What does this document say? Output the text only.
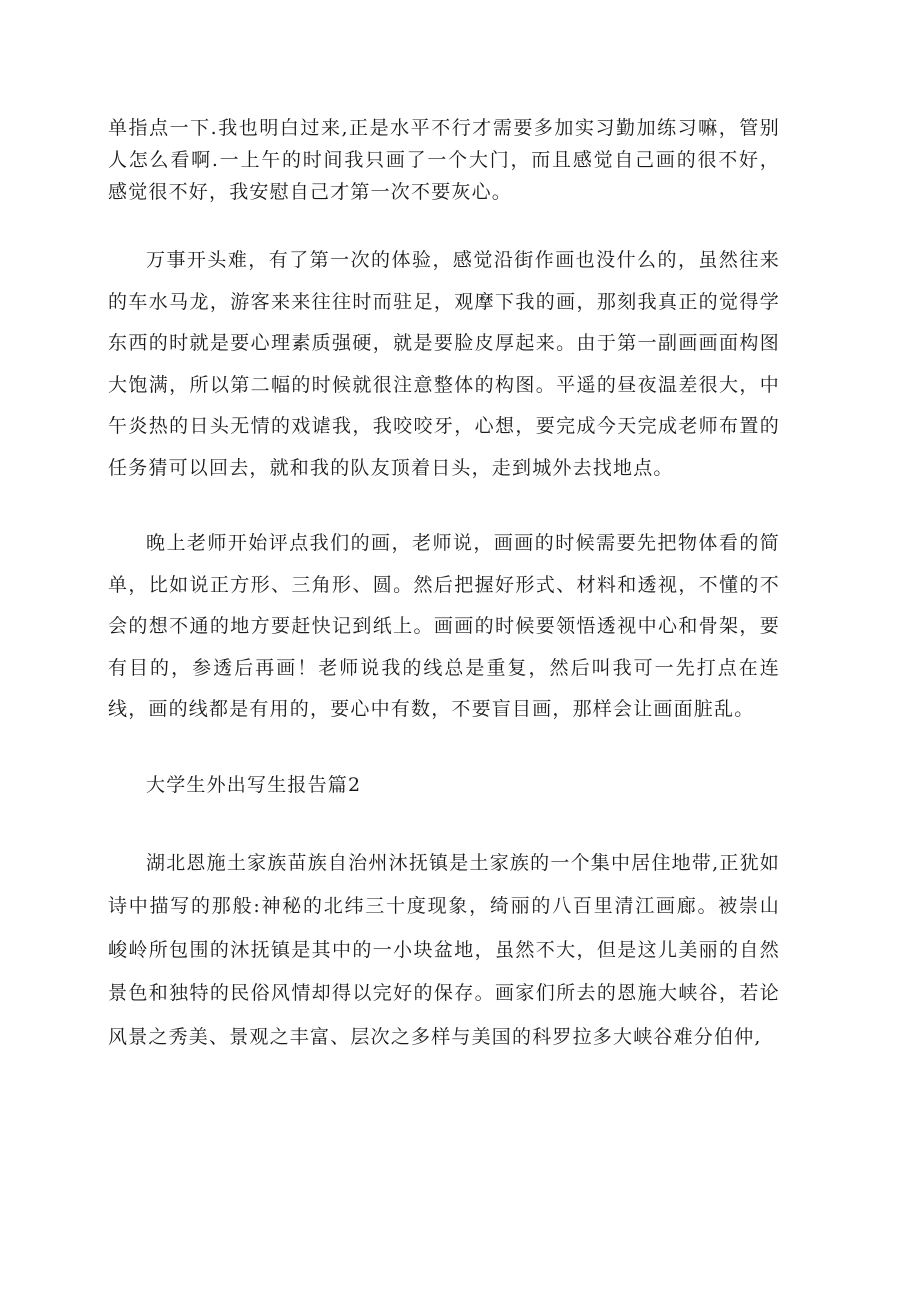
单指点一下.我也明白过来,正是水平不行才需要多加实习勤加练习嘛，管别人怎么看啊.一上午的时间我只画了一个大门，而且感觉自己画的很不好，感觉很不好，我安慰自己才第一次不要灰心。

万事开头难，有了第一次的体验，感觉沿街作画也没什么的，虽然往来的车水马龙，游客来来往往时而驻足，观摩下我的画，那刻我真正的觉得学东西的时就是要心理素质强硬，就是要脸皮厚起来。由于第一副画画面构图大饱满，所以第二幅的时候就很注意整体的构图。平遥的昼夜温差很大，中午炎热的日头无情的戏谑我，我咬咬牙，心想，要完成今天完成老师布置的任务猜可以回去，就和我的队友顶着日头，走到城外去找地点。

晚上老师开始评点我们的画，老师说，画画的时候需要先把物体看的简单，比如说正方形、三角形、圆。然后把握好形式、材料和透视，不懂的不会的想不通的地方要赶快记到纸上。画画的时候要领悟透视中心和骨架，要有目的，参透后再画！老师说我的线总是重复，然后叫我可一先打点在连线，画的线都是有用的，要心中有数，不要盲目画，那样会让画面脏乱。

大学生外出写生报告篇2

湖北恩施土家族苗族自治州沐抚镇是土家族的一个集中居住地带,正犹如诗中描写的那般:神秘的北纬三十度现象，绮丽的八百里清江画廊。被崇山峻岭所包围的沐抚镇是其中的一小块盆地，虽然不大，但是这儿美丽的自然景色和独特的民俗风情却得以完好的保存。画家们所去的恩施大峡谷，若论风景之秀美、景观之丰富、层次之多样与美国的科罗拉多大峡谷难分伯仲,
